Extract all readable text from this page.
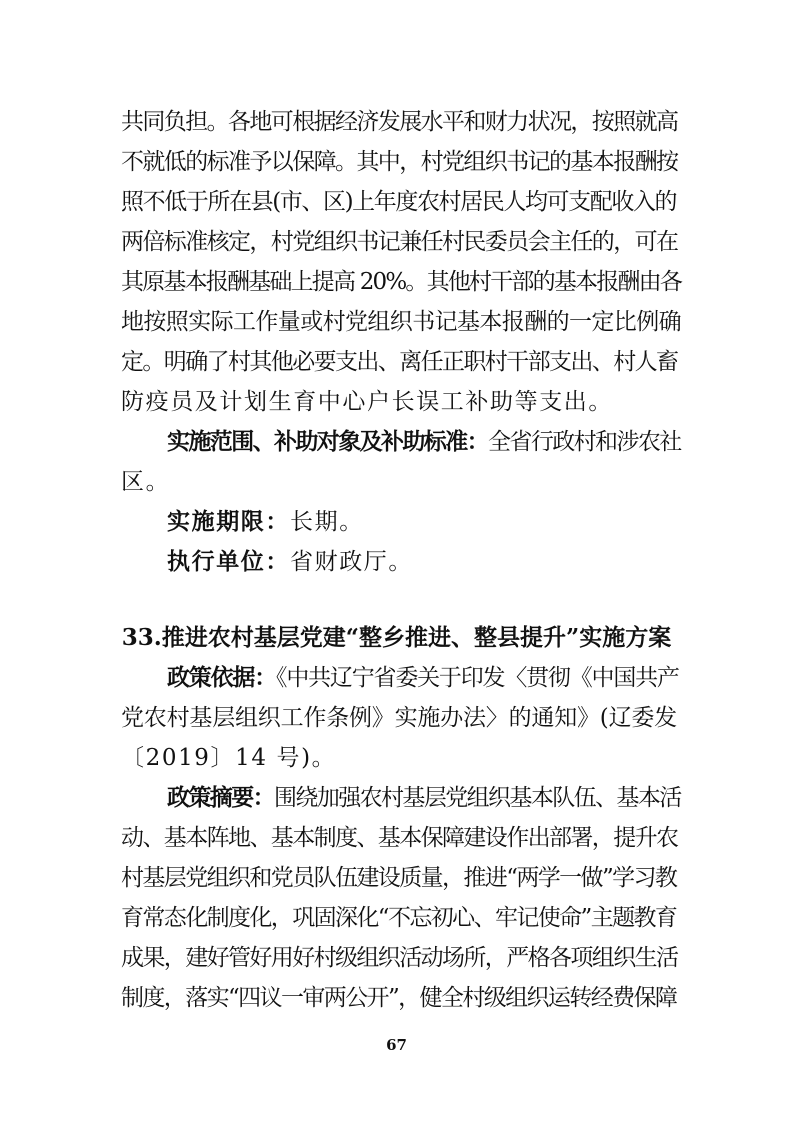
共同负担。各地可根据经济发展水平和财力状况，按照就高
不就低的标准予以保障。其中，村党组织书记的基本报酬按
照不低于所在县(市、区)上年度农村居民人均可支配收入的
两倍标准核定，村党组织书记兼任村民委员会主任的，可在
其原基本报酬基础上提高 20%。其他村干部的基本报酬由各
地按照实际工作量或村党组织书记基本报酬的一定比例确
定。明确了村其他必要支出、离任正职村干部支出、村人畜
防疫员及计划生育中心户长误工补助等支出。
实施范围、补助对象及补助标准：全省行政村和涉农社
区。
实施期限：长期。
执行单位：省财政厅。
33.推进农村基层党建“整乡推进、整县提升”实施方案
政策依据：《中共辽宁省委关于印发〈贯彻《中国共产
党农村基层组织工作条例》实施办法〉的通知》(辽委发
〔2019〕14 号)。
政策摘要：围绕加强农村基层党组织基本队伍、基本活
动、基本阵地、基本制度、基本保障建设作出部署，提升农
村基层党组织和党员队伍建设质量，推进“两学一做”学习教
育常态化制度化，巩固深化“不忘初心、牢记使命”主题教育
成果，建好管好用好村级组织活动场所，严格各项组织生活
制度，落实“四议一审两公开”，健全村级组织运转经费保障
67
